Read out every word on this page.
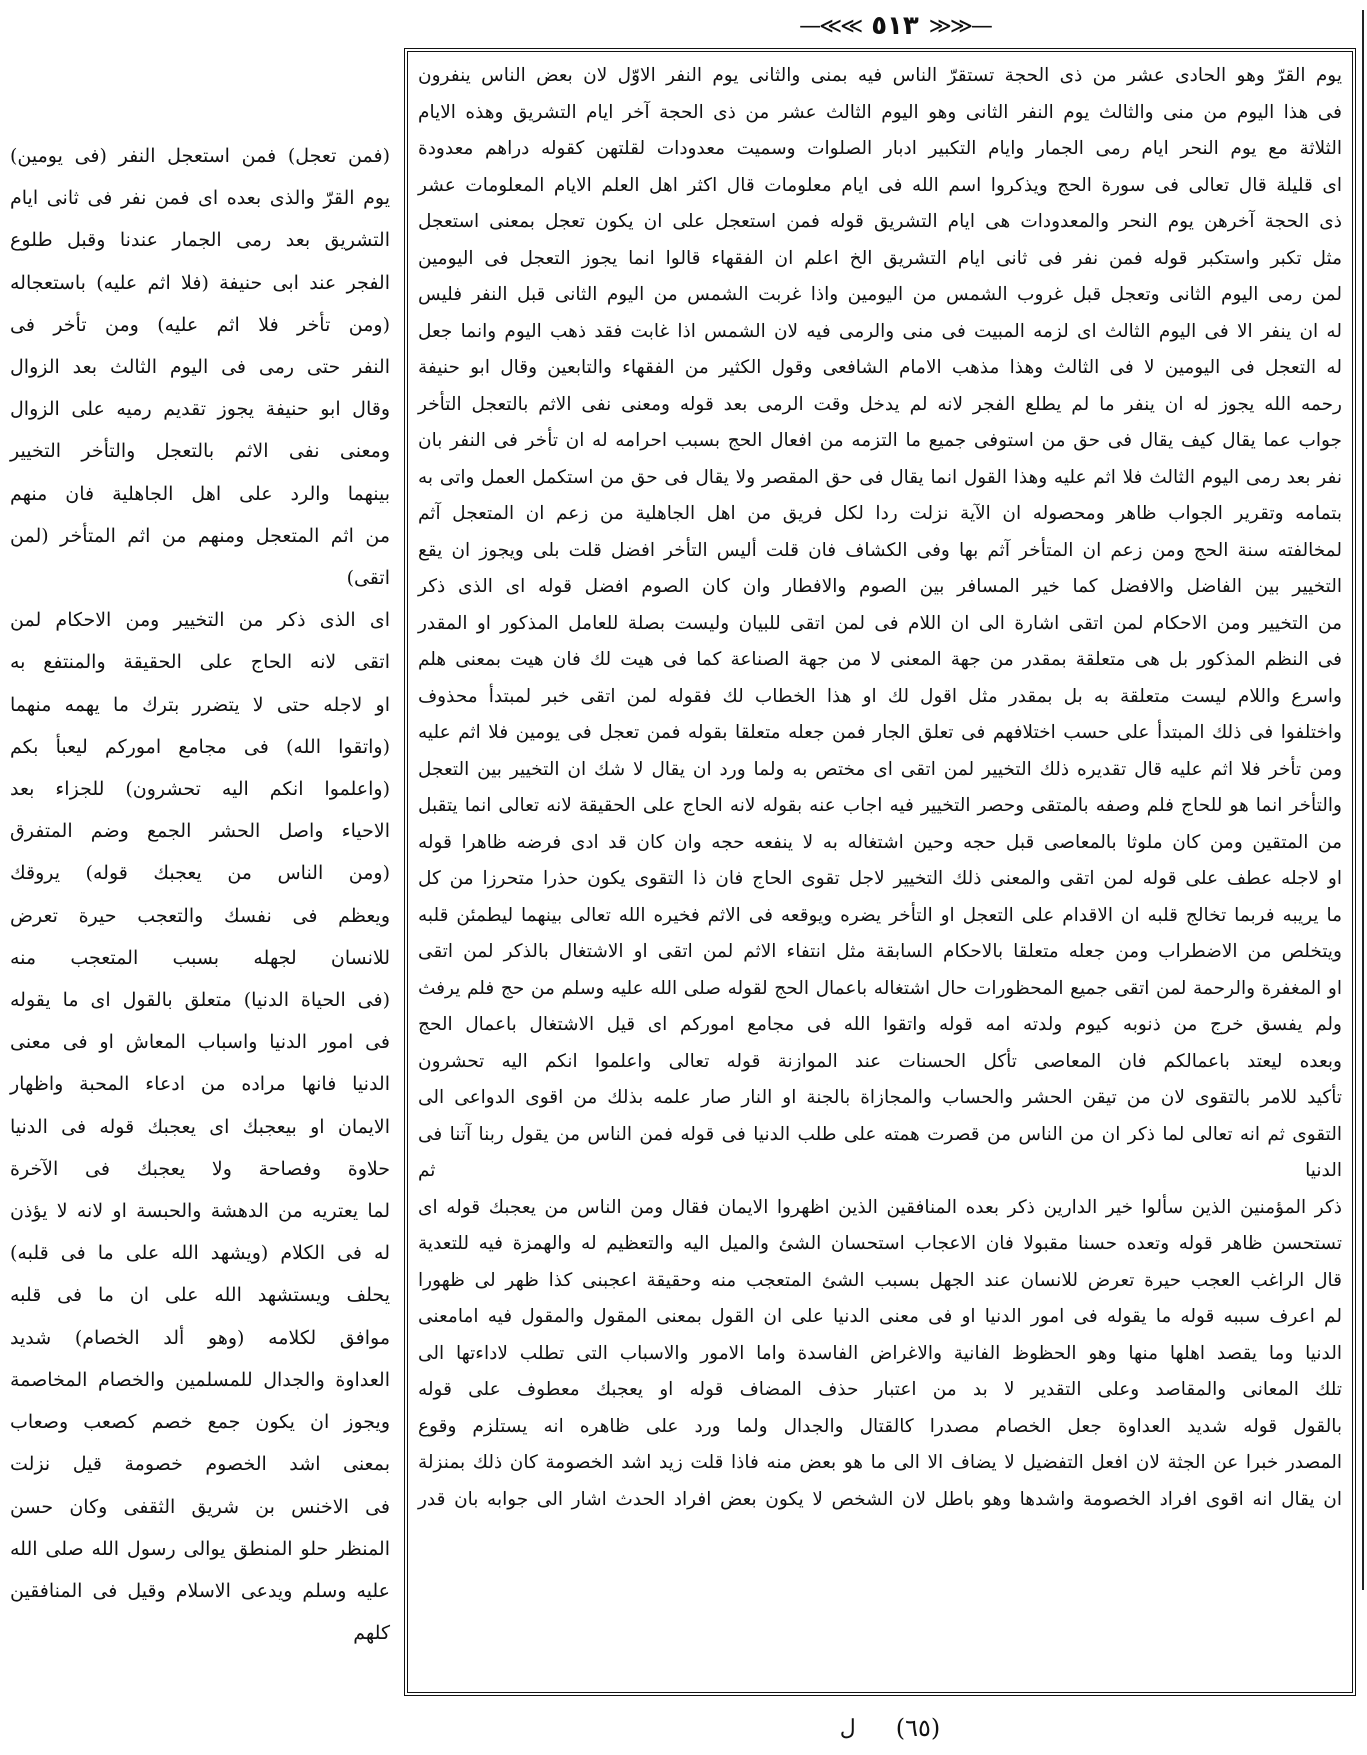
—≪≪ ٥١٣ ≫≫—

يوم القرّ وهو الحادى عشر من ذى الحجة تستقرّ الناس فيه بمنى والثانى يوم النفر الاوّل لان بعض الناس ينفرون

فى هذا اليوم من منى والثالث يوم النفر الثانى وهو اليوم الثالث عشر من ذى الحجة آخر ايام التشريق وهذه الايام

الثلاثة مع يوم النحر ايام رمى الجمار وايام التكبير ادبار الصلوات وسميت معدودات لقلتهن كقوله دراهم معدودة

اى قليلة قال تعالى فى سورة الحج ويذكروا اسم الله فى ايام معلومات قال اكثر اهل العلم الايام المعلومات عشر

ذى الحجة آخرهن يوم النحر والمعدودات هى ايام التشريق قوله فمن استعجل على ان يكون تعجل بمعنى استعجل

مثل تكبر واستكبر قوله فمن نفر فى ثانى ايام التشريق الخ اعلم ان الفقهاء قالوا انما يجوز التعجل فى اليومين

لمن رمى اليوم الثانى وتعجل قبل غروب الشمس من اليومين واذا غربت الشمس من اليوم الثانى قبل النفر فليس

له ان ينفر الا فى اليوم الثالث اى لزمه المبيت فى منى والرمى فيه لان الشمس اذا غابت فقد ذهب اليوم وانما جعل

له التعجل فى اليومين لا فى الثالث وهذا مذهب الامام الشافعى وقول الكثير من الفقهاء والتابعين وقال ابو حنيفة

رحمه الله يجوز له ان ينفر ما لم يطلع الفجر لانه لم يدخل وقت الرمى بعد قوله ومعنى نفى الاثم بالتعجل التأخر

جواب عما يقال كيف يقال فى حق من استوفى جميع ما التزمه من افعال الحج بسبب احرامه له ان تأخر فى النفر بان

نفر بعد رمى اليوم الثالث فلا اثم عليه وهذا القول انما يقال فى حق المقصر ولا يقال فى حق من استكمل العمل واتى به

بتمامه وتقرير الجواب ظاهر ومحصوله ان الآية نزلت ردا لكل فريق من اهل الجاهلية من زعم ان المتعجل آثم

لمخالفته سنة الحج ومن زعم ان المتأخر آثم بها وفى الكشاف فان قلت أليس التأخر افضل قلت بلى ويجوز ان يقع

التخيير بين الفاضل والافضل كما خير المسافر بين الصوم والافطار وان كان الصوم افضل قوله اى الذى ذكر

من التخيير ومن الاحكام لمن اتقى اشارة الى ان اللام فى لمن اتقى للبيان وليست بصلة للعامل المذكور او المقدر

فى النظم المذكور بل هى متعلقة بمقدر من جهة المعنى لا من جهة الصناعة كما فى هيت لك فان هيت بمعنى هلم

واسرع واللام ليست متعلقة به بل بمقدر مثل اقول لك او هذا الخطاب لك فقوله لمن اتقى خبر لمبتدأ محذوف

واختلفوا فى ذلك المبتدأ على حسب اختلافهم فى تعلق الجار فمن جعله متعلقا بقوله فمن تعجل فى يومين فلا اثم عليه

ومن تأخر فلا اثم عليه قال تقديره ذلك التخيير لمن اتقى اى مختص به ولما ورد ان يقال لا شك ان التخيير بين التعجل

والتأخر انما هو للحاج فلم وصفه بالمتقى وحصر التخيير فيه اجاب عنه بقوله لانه الحاج على الحقيقة لانه تعالى انما يتقبل

من المتقين ومن كان ملوثا بالمعاصى قبل حجه وحين اشتغاله به لا ينفعه حجه وان كان قد ادى فرضه ظاهرا قوله

او لاجله عطف على قوله لمن اتقى والمعنى ذلك التخيير لاجل تقوى الحاج فان ذا التقوى يكون حذرا متحرزا من كل

ما يريبه فربما تخالج قلبه ان الاقدام على التعجل او التأخر يضره ويوقعه فى الاثم فخيره الله تعالى بينهما ليطمئن قلبه

ويتخلص من الاضطراب ومن جعله متعلقا بالاحكام السابقة مثل انتفاء الاثم لمن اتقى او الاشتغال بالذكر لمن اتقى

او المغفرة والرحمة لمن اتقى جميع المحظورات حال اشتغاله باعمال الحج لقوله صلى الله عليه وسلم من حج فلم يرفث

ولم يفسق خرج من ذنوبه كيوم ولدته امه قوله واتقوا الله فى مجامع اموركم اى قيل الاشتغال باعمال الحج

وبعده ليعتد باعمالكم فان المعاصى تأكل الحسنات عند الموازنة قوله تعالى واعلموا انكم اليه تحشرون

تأكيد للامر بالتقوى لان من تيقن الحشر والحساب والمجازاة بالجنة او النار صار علمه بذلك من اقوى الدواعى الى

التقوى ثم انه تعالى لما ذكر ان من الناس من قصرت همته على طلب الدنيا فى قوله فمن الناس من يقول ربنا آتنا فى الدنيا ثم

ذكر المؤمنين الذين سألوا خير الدارين ذكر بعده المنافقين الذين اظهروا الايمان فقال ومن الناس من يعجبك قوله اى

تستحسن ظاهر قوله وتعده حسنا مقبولا فان الاعجاب استحسان الشئ والميل اليه والتعظيم له والهمزة فيه للتعدية

قال الراغب العجب حيرة تعرض للانسان عند الجهل بسبب الشئ المتعجب منه وحقيقة اعجبنى كذا ظهر لى ظهورا

لم اعرف سببه قوله ما يقوله فى امور الدنيا او فى معنى الدنيا على ان القول بمعنى المقول والمقول فيه امامعنى

الدنيا وما يقصد اهلها منها وهو الحظوظ الفانية والاغراض الفاسدة واما الامور والاسباب التى تطلب لاداءتها الى

تلك المعانى والمقاصد وعلى التقدير لا بد من اعتبار حذف المضاف قوله او يعجبك معطوف على قوله

بالقول قوله شديد العداوة جعل الخصام مصدرا كالقتال والجدال ولما ورد على ظاهره انه يستلزم وقوع

المصدر خبرا عن الجثة لان افعل التفضيل لا يضاف الا الى ما هو بعض منه فاذا قلت زيد اشد الخصومة كان ذلك بمنزلة

ان يقال انه اقوى افراد الخصومة واشدها وهو باطل لان الشخص لا يكون بعض افراد الحدث اشار الى جوابه بان قدر

(فمن تعجل) فمن استعجل النفر (فى يومين)

يوم القرّ والذى بعده اى فمن نفر فى ثانى ايام

التشريق بعد رمى الجمار عندنا وقبل طلوع

الفجر عند ابى حنيفة (فلا اثم عليه) باستعجاله

(ومن تأخر فلا اثم عليه) ومن تأخر فى

النفر حتى رمى فى اليوم الثالث بعد الزوال

وقال ابو حنيفة يجوز تقديم رميه على الزوال

ومعنى نفى الاثم بالتعجل والتأخر التخيير

بينهما والرد على اهل الجاهلية فان منهم

من اثم المتعجل ومنهم من اثم المتأخر (لمن اتقى)

اى الذى ذكر من التخيير ومن الاحكام لمن

اتقى لانه الحاج على الحقيقة والمنتفع به

او لاجله حتى لا يتضرر بترك ما يهمه منهما

(واتقوا الله) فى مجامع اموركم ليعبأ بكم

(واعلموا انكم اليه تحشرون) للجزاء بعد

الاحياء واصل الحشر الجمع وضم المتفرق

(ومن الناس من يعجبك قوله) يروقك

ويعظم فى نفسك والتعجب حيرة تعرض

للانسان لجهله بسبب المتعجب منه

(فى الحياة الدنيا) متعلق بالقول اى ما يقوله

فى امور الدنيا واسباب المعاش او فى معنى

الدنيا فانها مراده من ادعاء المحبة واظهار

الايمان او بيعجبك اى يعجبك قوله فى الدنيا

حلاوة وفصاحة ولا يعجبك فى الآخرة

لما يعتريه من الدهشة والحبسة او لانه لا يؤذن

له فى الكلام (ويشهد الله على ما فى قلبه)

يحلف ويستشهد الله على ان ما فى قلبه

موافق لكلامه (وهو ألد الخصام) شديد

العداوة والجدال للمسلمين والخصام المخاصمة

ويجوز ان يكون جمع خصم كصعب وصعاب

بمعنى اشد الخصوم خصومة قيل نزلت

فى الاخنس بن شريق الثقفى وكان حسن

المنظر حلو المنطق يوالى رسول الله صلى الله

عليه وسلم ويدعى الاسلام وقيل فى المنافقين

كلهم

ل (٦٥)
